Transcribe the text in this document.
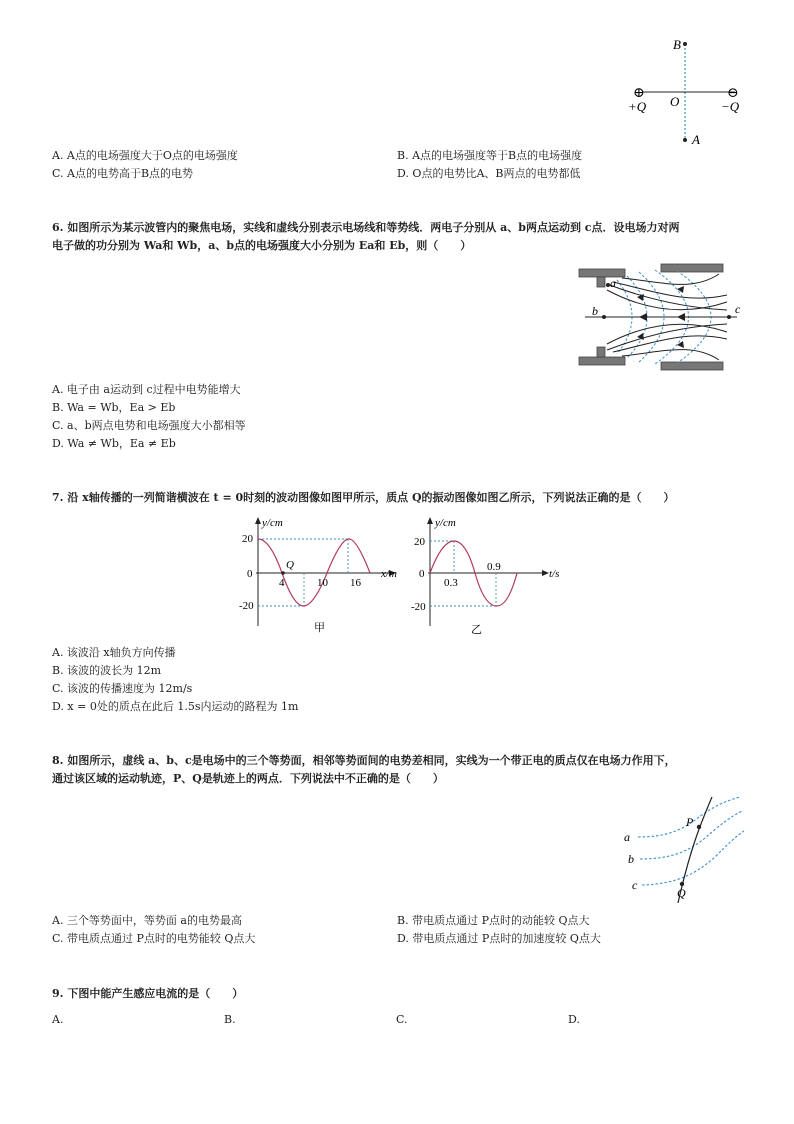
B
O
A
⊕	⊖
+Q	−Q
A. A点的电场强度大于O点的电场强度	B. A点的电场强度等于B点的电场强度
C. A点的电势高于B点的电势	D. O点的电势比A、B两点的电势都低
6. 如图所示为某示波管内的聚焦电场，实线和虚线分别表示电场线和等势线．两电子分别从 a、b两点运动到 c点．设电场力对两
电子做的功分别为 Wa和 Wb，a、b点的电场强度大小分别为 Ea和 Eb，则（　　）
a
b	c
A. 电子由 a运动到 c过程中电势能增大
B. Wa = Wb，Ea > Eb
C. a、b两点电势和电场强度大小都相等
D. Wa ≠ Wb，Ea ≠ Eb
7. 沿 x轴传播的一列简谐横波在 t = 0时刻的波动图像如图甲所示，质点 Q的振动图像如图乙所示，下列说法正确的是（　　）
y/cm
x/m
20
0
-20
Q
4	10 16
甲
y/cm
t/s
20
0
-20
0.3
0.9
乙
A. 该波沿 x轴负方向传播
B. 该波的波长为 12m
C. 该波的传播速度为 12m/s
D. x = 0处的质点在此后 1.5s内运动的路程为 1m
8. 如图所示，虚线 a、b、c是电场中的三个等势面，相邻等势面间的电势差相同，实线为一个带正电的质点仅在电场力作用下，
通过该区域的运动轨迹，P、Q是轨迹上的两点．下列说法中不正确的是（　　）
P
Q
a
b
c
A. 三个等势面中，等势面 a的电势最高	B. 带电质点通过 P点时的动能较 Q点大
C. 带电质点通过 P点时的电势能较 Q点大	D. 带电质点通过 P点时的加速度较 Q点大
9. 下图中能产生感应电流的是（　　）
A.	B.	C.	D.
